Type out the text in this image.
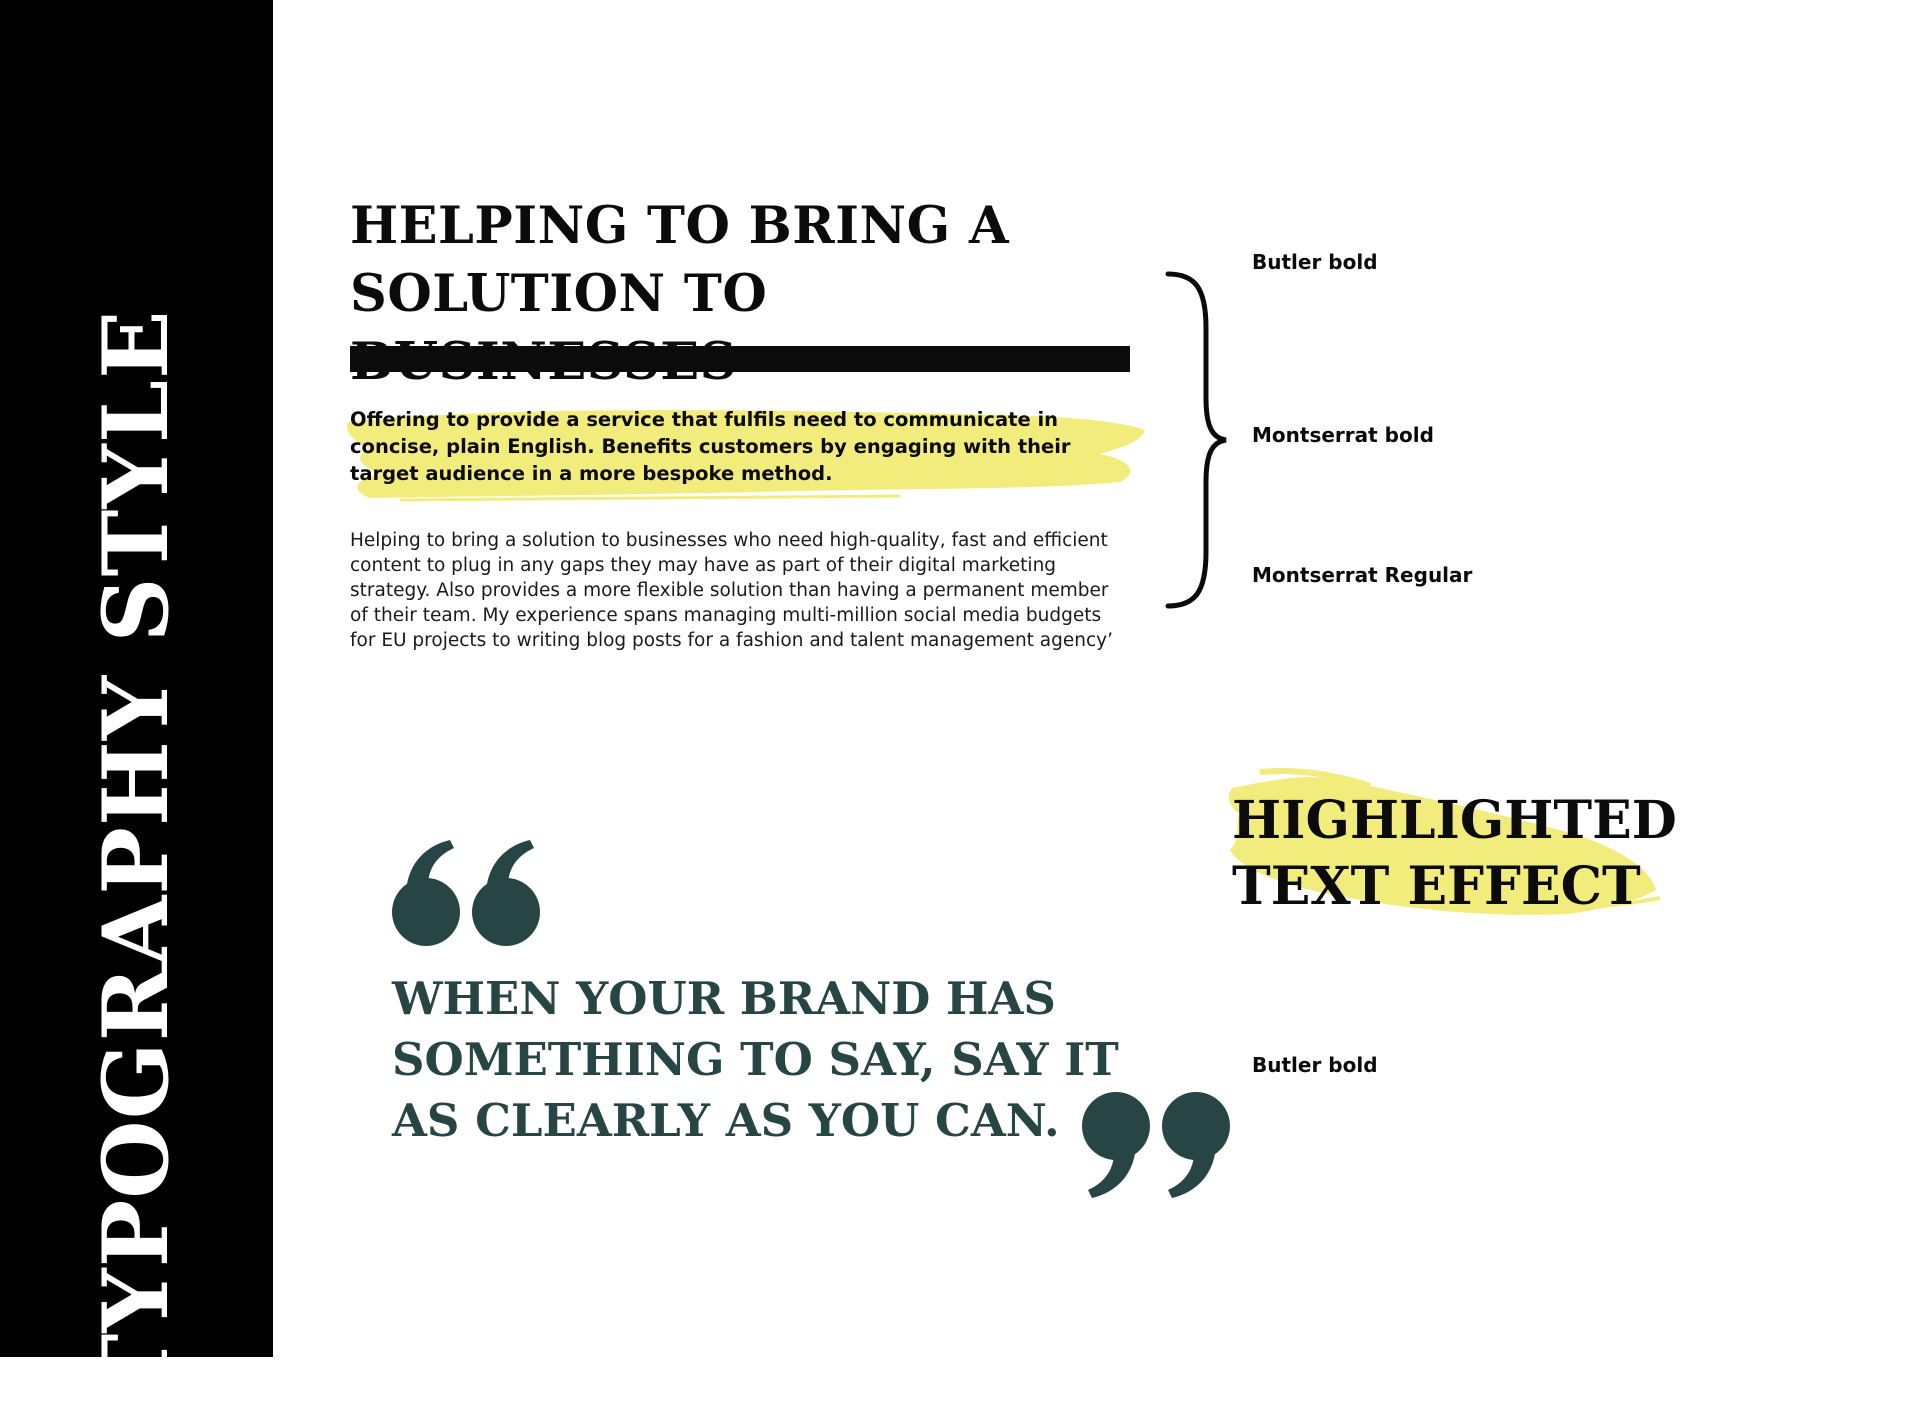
TYPOGRAPHY STYLE
HELPING TO BRING A SOLUTION TO

Offering to provide a service that fulfils need to communicate in concise, plain English. Benefits customers by engaging with their target audience in a more bespoke method.

Helping to bring a solution to businesses who need high-quality, fast and efficient content to plug in any gaps they may have as part of their digital marketing strategy. Also provides a more flexible solution than having a permanent member of their team. My experience spans managing multi-million social media budgets for EU projects to writing blog posts for a fashion and talent management agency’

Butler bold
Montserrat bold
Montserrat Regular
HIGHLIGHTED
TEXT EFFECT

WHEN YOUR BRAND HAS SOMETHING TO SAY, SAY IT AS CLEARLY AS YOU CAN.

Butler bold
